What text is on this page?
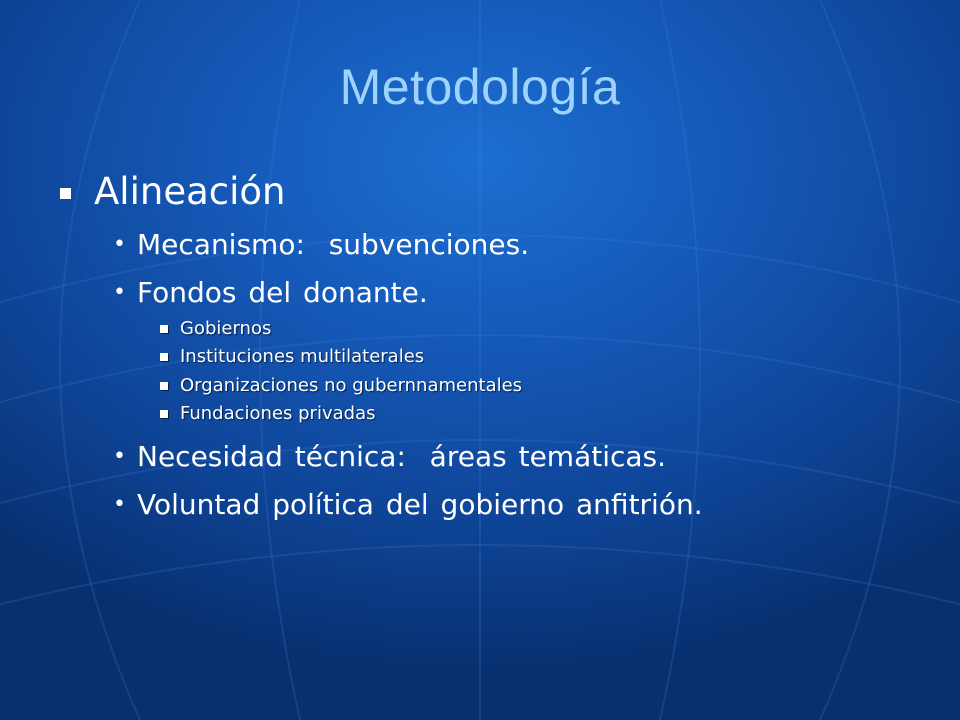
Metodología
Alineación
• Mecanismo:  subvenciones.
• Fondos del donante.
Gobiernos
Instituciones multilaterales
Organizaciones no gubernnamentales
Fundaciones privadas
• Necesidad técnica:  áreas temáticas.
• Voluntad política del gobierno anfitrión.
